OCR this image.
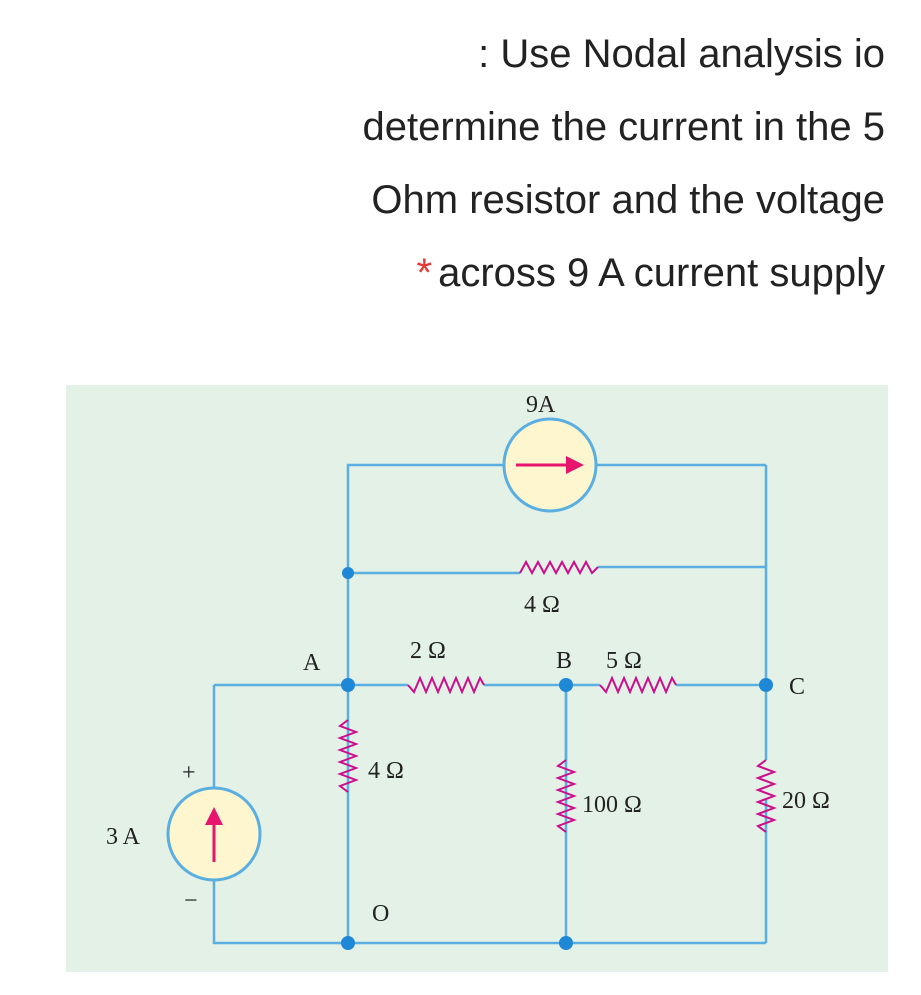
: Use Nodal analysis io
determine the current in the 5
Ohm resistor and the voltage
* across 9 A current supply
9A
4 Ω
2 Ω	B 5 Ω
A
C
4 Ω
100 Ω	20 Ω
+
3 A
−	O
